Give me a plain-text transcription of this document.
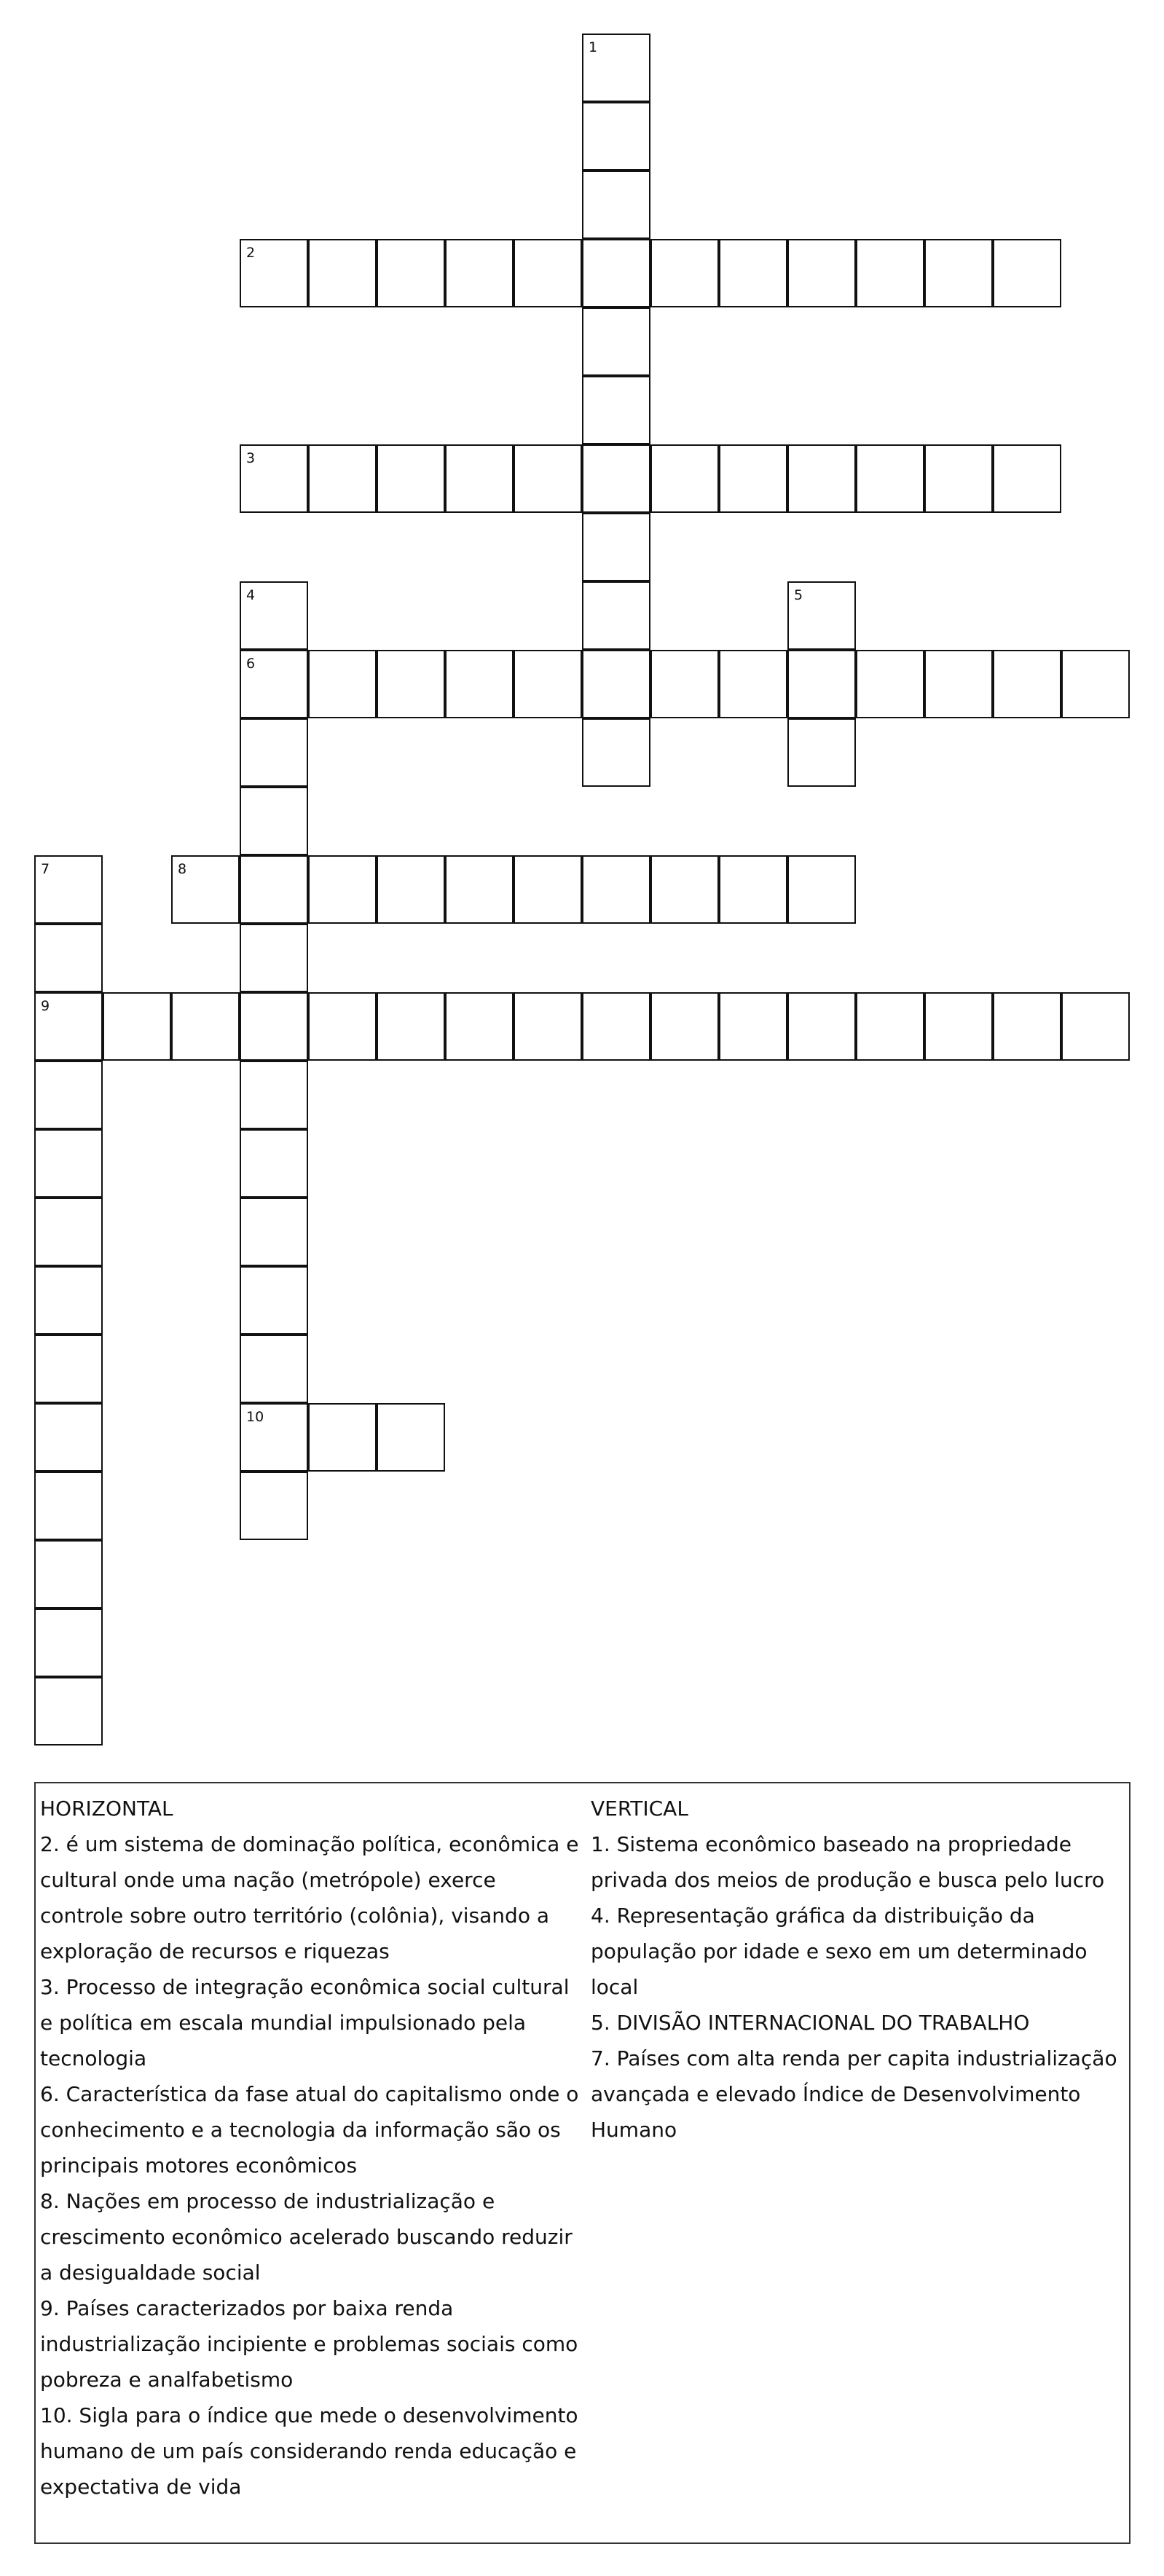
1
2
3
4
6
10
5
7
9
8

HORIZONTAL

2. é um sistema de dominação política, econômica e cultural onde uma nação (metrópole) exerce controle sobre outro território (colônia), visando a exploração de recursos e riquezas

3. Processo de integração econômica social cultural e política em escala mundial impulsionado pela tecnologia

6. Característica da fase atual do capitalismo onde o conhecimento e a tecnologia da informação são os principais motores econômicos

8. Nações em processo de industrialização e crescimento econômico acelerado buscando reduzir a desigualdade social

9. Países caracterizados por baixa renda industrialização incipiente e problemas sociais como pobreza e analfabetismo

10. Sigla para o índice que mede o desenvolvimento humano de um país considerando renda educação e expectativa de vida

VERTICAL

1. Sistema econômico baseado na propriedade privada dos meios de produção e busca pelo lucro

4. Representação gráfica da distribuição da população por idade e sexo em um determinado local

5. DIVISÃO INTERNACIONAL DO TRABALHO

7. Países com alta renda per capita industrialização avançada e elevado Índice de Desenvolvimento Humano
